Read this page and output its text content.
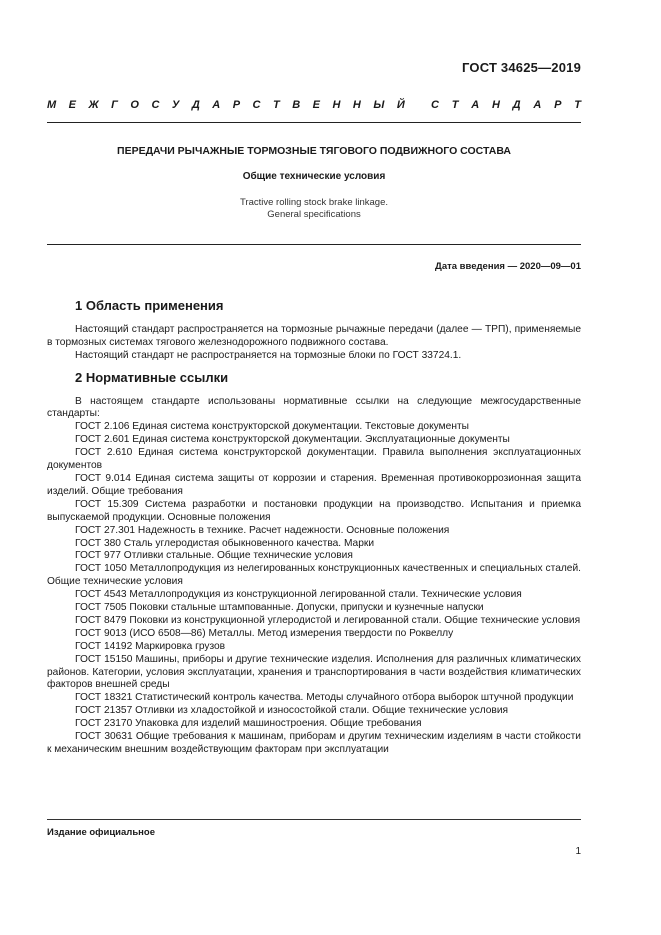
ГОСТ 34625—2019
М Е Ж Г О С У Д А Р С Т В Е Н Н Ы Й С Т А Н Д А Р Т
ПЕРЕДАЧИ РЫЧАЖНЫЕ ТОРМОЗНЫЕ ТЯГОВОГО ПОДВИЖНОГО СОСТАВА
Общие технические условия
Tractive rolling stock brake linkage.
General specifications
Дата введения — 2020—09—01
1 Область применения

Настоящий стандарт распространяется на тормозные рычажные передачи (далее — ТРП), применяемые в тормозных системах тягового железнодорожного подвижного состава.

Настоящий стандарт не распространяется на тормозные блоки по ГОСТ 33724.1.

2 Нормативные ссылки

В настоящем стандарте использованы нормативные ссылки на следующие межгосударственные стандарты:

ГОСТ 2.106 Единая система конструкторской документации. Текстовые документы

ГОСТ 2.601 Единая система конструкторской документации. Эксплуатационные документы

ГОСТ 2.610 Единая система конструкторской документации. Правила выполнения эксплуатационных документов

ГОСТ 9.014 Единая система защиты от коррозии и старения. Временная противокоррозионная защита изделий. Общие требования

ГОСТ 15.309 Система разработки и постановки продукции на производство. Испытания и приемка выпускаемой продукции. Основные положения

ГОСТ 27.301 Надежность в технике. Расчет надежности. Основные положения

ГОСТ 380 Сталь углеродистая обыкновенного качества. Марки

ГОСТ 977 Отливки стальные. Общие технические условия

ГОСТ 1050 Металлопродукция из нелегированных конструкционных качественных и специальных сталей. Общие технические условия

ГОСТ 4543 Металлопродукция из конструкционной легированной стали. Технические условия

ГОСТ 7505 Поковки стальные штампованные. Допуски, припуски и кузнечные напуски

ГОСТ 8479 Поковки из конструкционной углеродистой и легированной стали. Общие технические условия

ГОСТ 9013 (ИСО 6508—86) Металлы. Метод измерения твердости по Роквеллу

ГОСТ 14192 Маркировка грузов

ГОСТ 15150 Машины, приборы и другие технические изделия. Исполнения для различных климатических районов. Категории, условия эксплуатации, хранения и транспортирования в части воздействия климатических факторов внешней среды

ГОСТ 18321 Статистический контроль качества. Методы случайного отбора выборок штучной продукции

ГОСТ 21357 Отливки из хладостойкой и износостойкой стали. Общие технические условия

ГОСТ 23170 Упаковка для изделий машиностроения. Общие требования

ГОСТ 30631 Общие требования к машинам, приборам и другим техническим изделиям в части стойкости к механическим внешним воздействующим факторам при эксплуатации

Издание официальное
1
